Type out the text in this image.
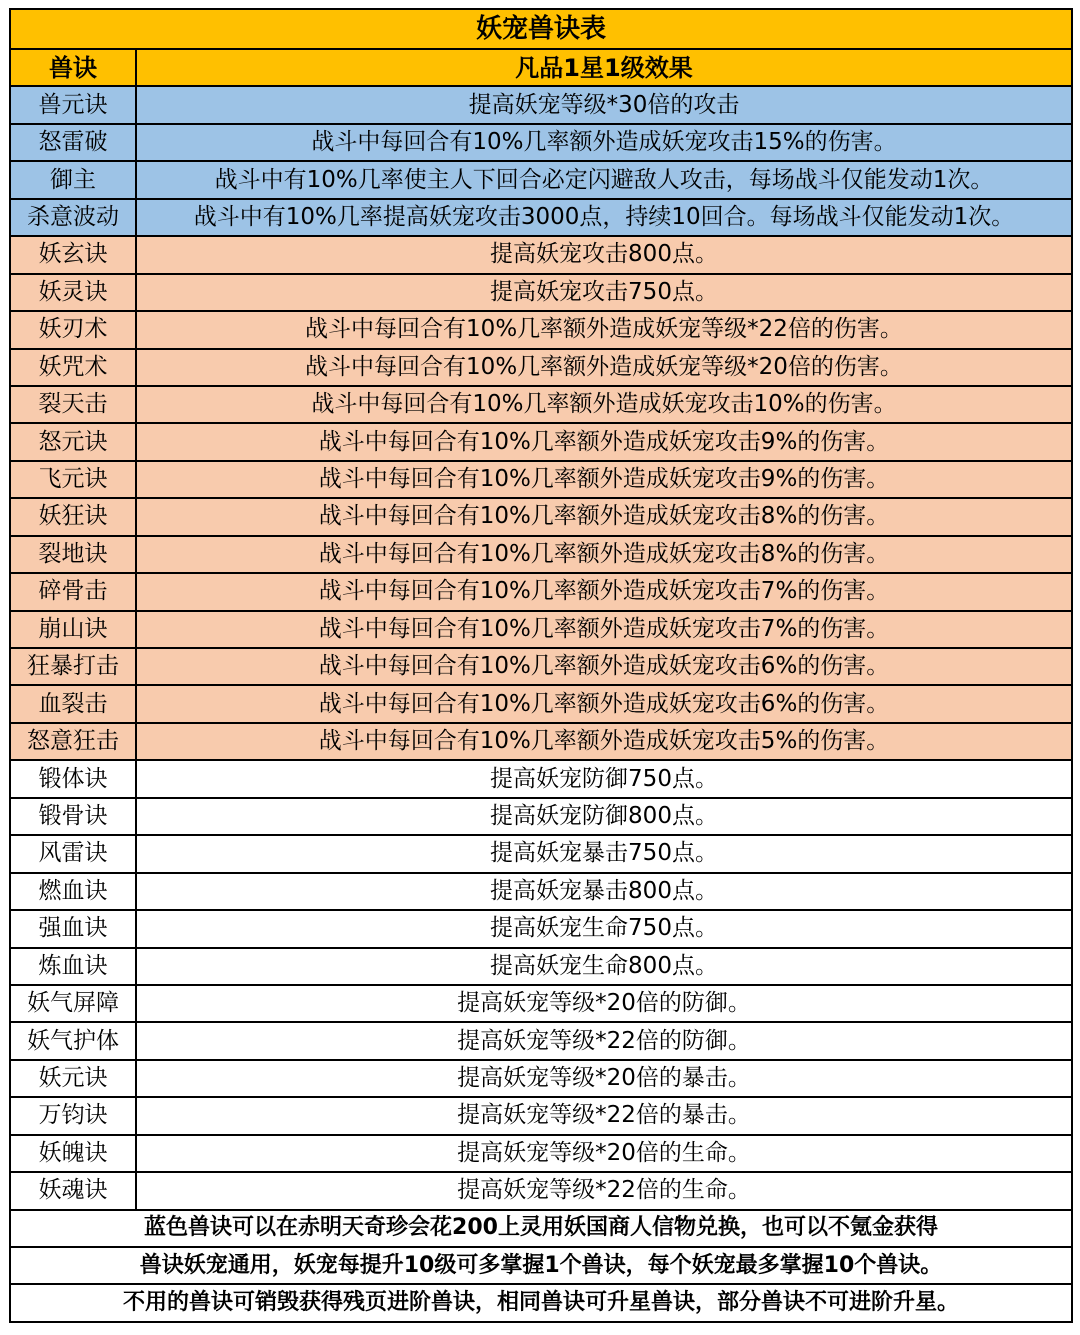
妖宠兽诀表	
兽诀	凡品1星1级效果
兽元诀	提高妖宠等级*30倍的攻击
怒雷破	战斗中每回合有10%几率额外造成妖宠攻击15%的伤害。
御主	战斗中有10%几率使主人下回合必定闪避敌人攻击，每场战斗仅能发动1次。
杀意波动	战斗中有10%几率提高妖宠攻击3000点，持续10回合。每场战斗仅能发动1次。
妖玄诀	提高妖宠攻击800点。
妖灵诀	提高妖宠攻击750点。
妖刃术	战斗中每回合有10%几率额外造成妖宠等级*22倍的伤害。
妖咒术	战斗中每回合有10%几率额外造成妖宠等级*20倍的伤害。
裂天击	战斗中每回合有10%几率额外造成妖宠攻击10%的伤害。
怒元诀	战斗中每回合有10%几率额外造成妖宠攻击9%的伤害。
飞元诀	战斗中每回合有10%几率额外造成妖宠攻击9%的伤害。
妖狂诀	战斗中每回合有10%几率额外造成妖宠攻击8%的伤害。
裂地诀	战斗中每回合有10%几率额外造成妖宠攻击8%的伤害。
碎骨击	战斗中每回合有10%几率额外造成妖宠攻击7%的伤害。
崩山诀	战斗中每回合有10%几率额外造成妖宠攻击7%的伤害。
狂暴打击	战斗中每回合有10%几率额外造成妖宠攻击6%的伤害。
血裂击	战斗中每回合有10%几率额外造成妖宠攻击6%的伤害。
怒意狂击	战斗中每回合有10%几率额外造成妖宠攻击5%的伤害。
锻体诀	提高妖宠防御750点。
锻骨诀	提高妖宠防御800点。
风雷诀	提高妖宠暴击750点。
燃血诀	提高妖宠暴击800点。
强血诀	提高妖宠生命750点。
炼血诀	提高妖宠生命800点。
妖气屏障	提高妖宠等级*20倍的防御。
妖气护体	提高妖宠等级*22倍的防御。
妖元诀	提高妖宠等级*20倍的暴击。
万钧诀	提高妖宠等级*22倍的暴击。
妖魄诀	提高妖宠等级*20倍的生命。
妖魂诀	提高妖宠等级*22倍的生命。
蓝色兽诀可以在赤明天奇珍会花200上灵用妖国商人信物兑换，也可以不氪金获得	
兽诀妖宠通用，妖宠每提升10级可多掌握1个兽诀，每个妖宠最多掌握10个兽诀。	
不用的兽诀可销毁获得残页进阶兽诀，相同兽诀可升星兽诀，部分兽诀不可进阶升星。	
